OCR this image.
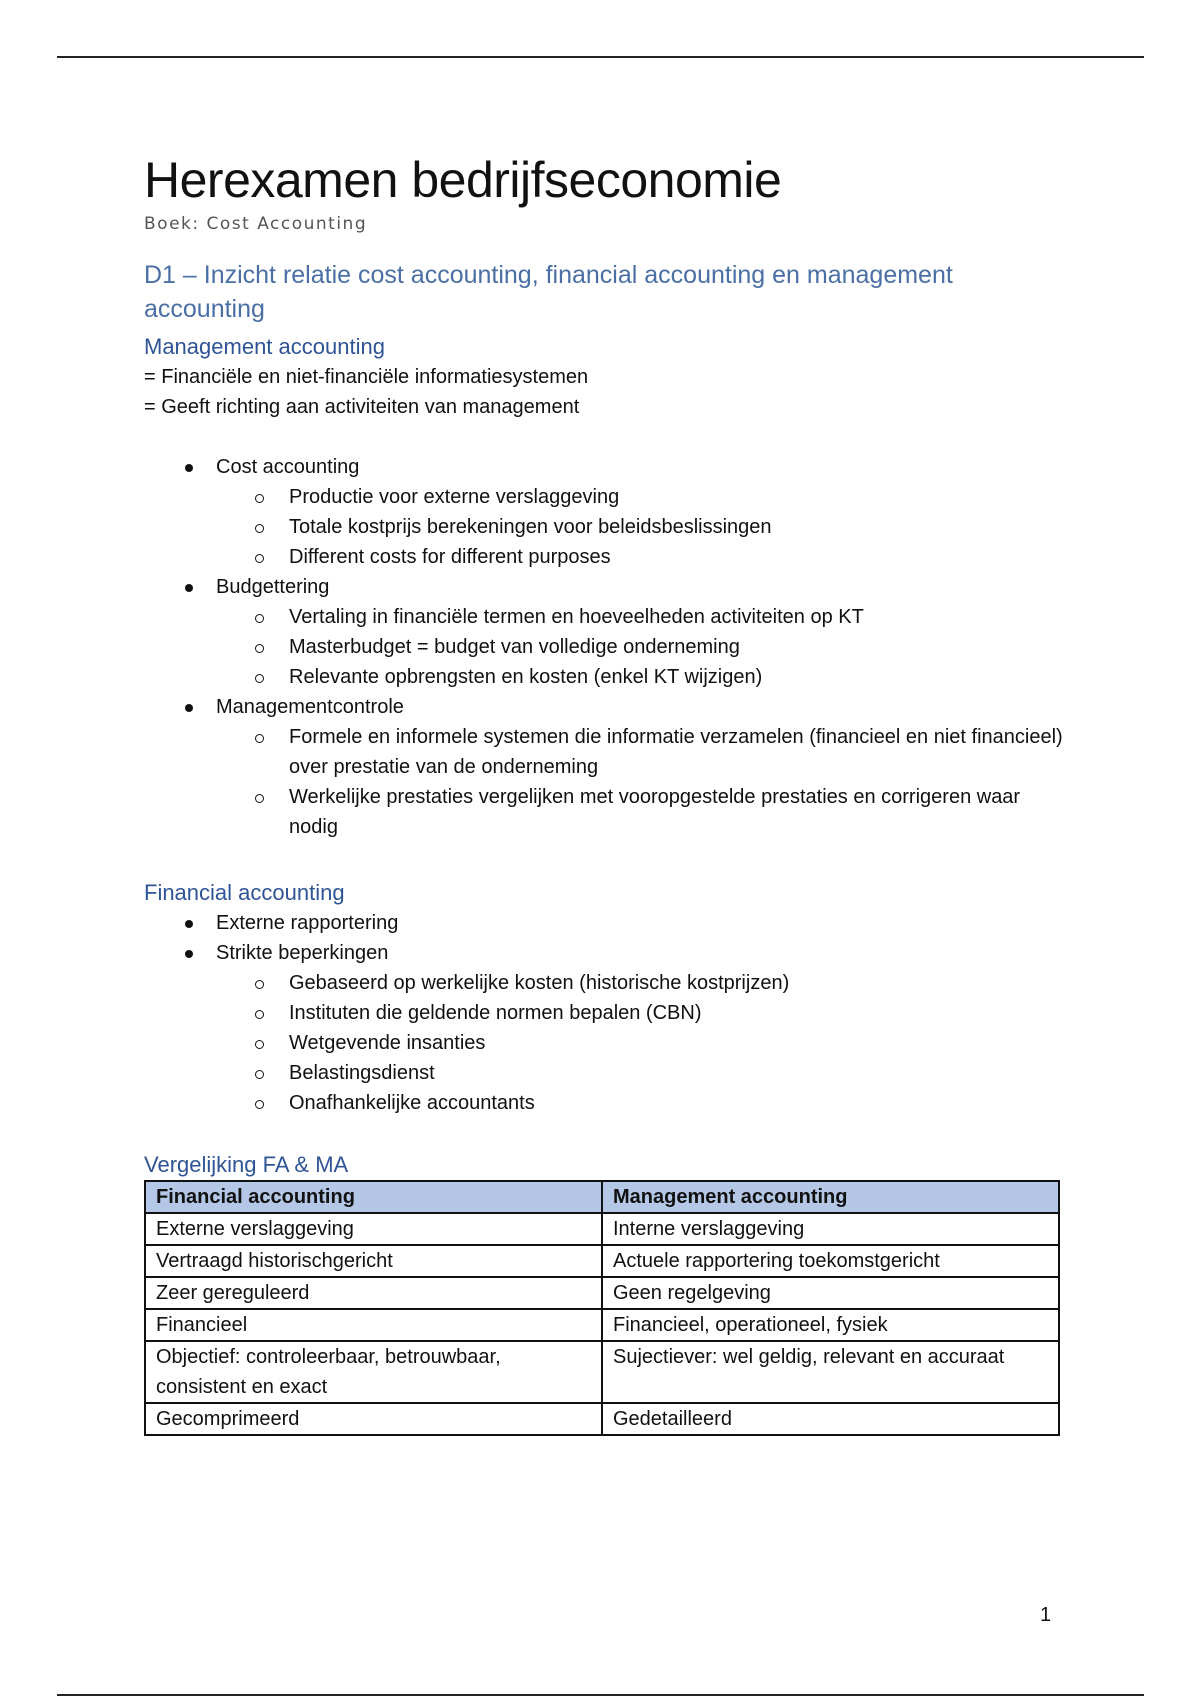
Herexamen bedrijfseconomie
Boek: Cost Accounting
D1 – Inzicht relatie cost accounting, financial accounting en management accounting
Management accounting
= Financiële en niet-financiële informatiesystemen
= Geeft richting aan activiteiten van management
Cost accounting
Productie voor externe verslaggeving
Totale kostprijs berekeningen voor beleidsbeslissingen
Different costs for different purposes
Budgettering
Vertaling in financiële termen en hoeveelheden activiteiten op KT
Masterbudget = budget van volledige onderneming
Relevante opbrengsten en kosten (enkel KT wijzigen)
Managementcontrole
Formele en informele systemen die informatie verzamelen (financieel en niet financieel) over prestatie van de onderneming
Werkelijke prestaties vergelijken met vooropgestelde prestaties en corrigeren waar nodig
Financial accounting
Externe rapportering
Strikte beperkingen
Gebaseerd op werkelijke kosten (historische kostprijzen)
Instituten die geldende normen bepalen (CBN)
Wetgevende insanties
Belastingsdienst
Onafhankelijke accountants
Vergelijking FA & MA
Financial accounting	Management accounting
Externe verslaggeving	Interne verslaggeving
Vertraagd historischgericht	Actuele rapportering toekomstgericht
Zeer gereguleerd	Geen regelgeving
Financieel	Financieel, operationeel, fysiek
Objectief: controleerbaar, betrouwbaar, consistent en exact	Sujectiever: wel geldig, relevant en accuraat
Gecomprimeerd	Gedetailleerd
1
